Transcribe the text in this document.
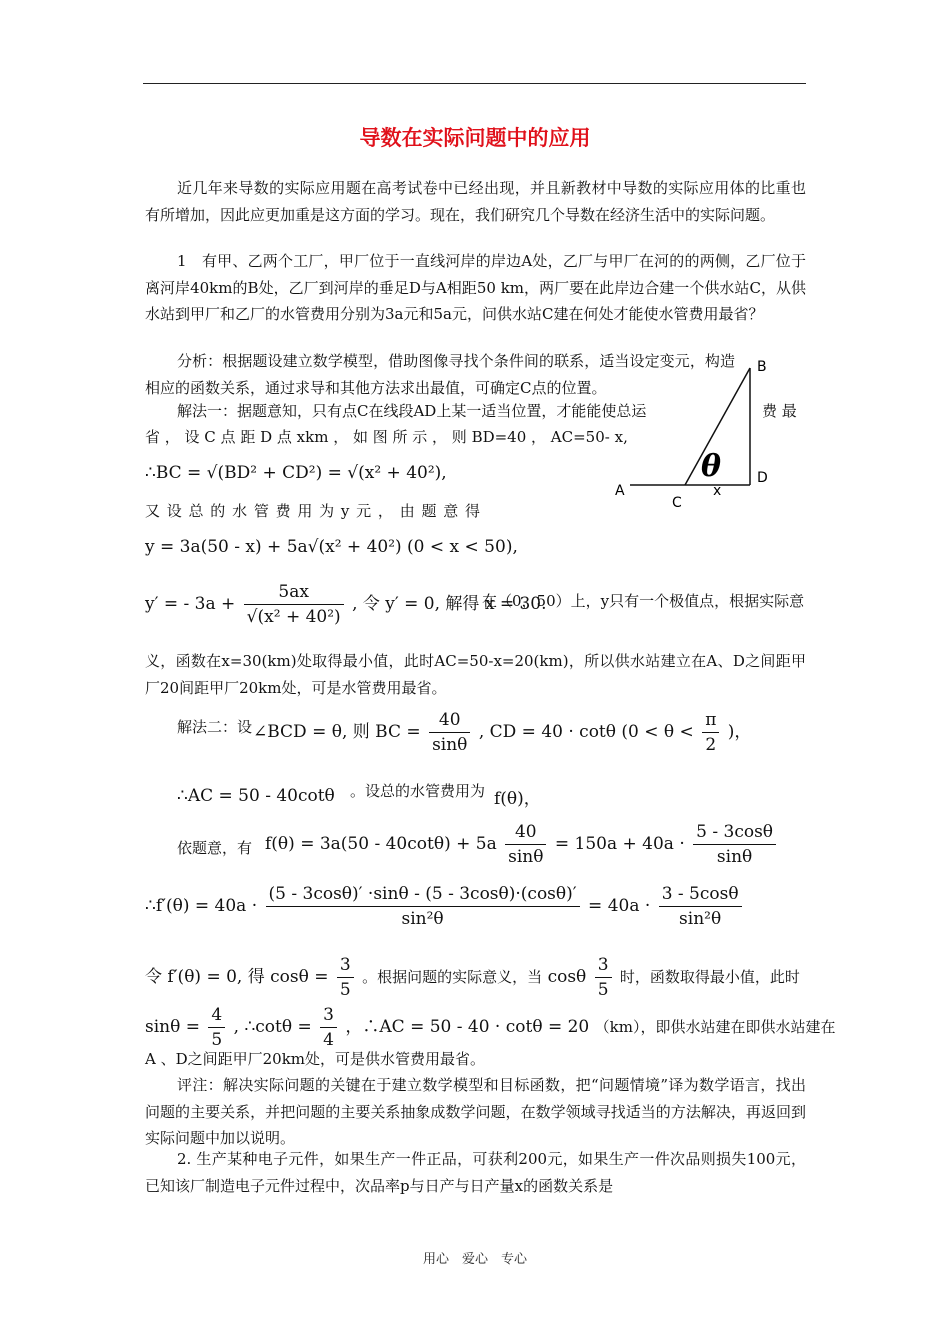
导数在实际问题中的应用
近几年来导数的实际应用题在高考试卷中已经出现，并且新教材中导数的实际应用体的比重也有所增加，因此应更加重是这方面的学习。现在，我们研究几个导数在经济生活中的实际问题。
1　有甲、乙两个工厂，甲厂位于一直线河岸的岸边A处，乙厂与甲厂在河的的两侧，乙厂位于离河岸40km的B处，乙厂到河岸的垂足D与A相距50 km，两厂要在此岸边合建一个供水站C，从供水站到甲厂和乙厂的水管费用分别为3a元和5a元，问供水站C建在何处才能使水管费用最省？
分析：根据题设建立数学模型，借助图像寻找个条件间的联系，适当设定变元，构造相应的函数关系，通过求导和其他方法求出最值，可确定C点的位置。
解法一：据题意知，只有点C在线段AD上某一适当位置，才能能使总运	费 最
省 ， 设 C 点 距 D 点 xkm ， 如 图 所 示 ， 则 BD=40 ， AC=50- x,
∴BC = √(BD² + CD²) = √(x² + 40²),
又 设 总 的 水 管 费 用 为 y 元 ， 由 题 意 得
y = 3a(50 - x) + 5a√(x² + 40²) (0 < x < 50),
y′ = - $3a + \frac{5ax}{\text{√(x² + 40²)}}$ , 令 y′ = 0, 解得 x = 30.
在（0，50）上，y只有一个极值点，根据实际意
义，函数在x=30(km)处取得最小值，此时AC=50-x=20(km)，所以供水站建立在A、D之间距甲厂20间距甲厂20km处，可是水管费用最省。
解法二：设 ∠BCD = θ, 则 BC = $\frac{40}{\sin\theta}$ , CD = 40 · cotθ ($0 < \theta < \frac{\pi}{2}$ )，
∴AC = 50 - 40cotθ 。设总的水管费用为 f(θ)，
依题意，有 $f(\theta) = 3a(50 - 40\cot\theta) + 5a \frac{40}{\sin\theta} = 150a + 40a \cdot \frac{5 - 3\cos\theta}{\sin\theta}$
∴f′(θ) = $40a \cdot \frac{(5 - 3\cos\theta)' \cdot\sin\theta - (5 - 3\cos\theta)\cdot(\cos\theta)'}{\text{sin²θ}} = 40a \cdot \frac{3 - 5\cos\theta}{\text{sin²θ}}$
令 f′(θ) = 0, 得 $\cos\theta = \frac{3}{5}$ 。根据问题的实际意义，当 cosθ $\frac{3}{5}$ 时，函数取得最小值，此时
$\sin\theta = \frac{4}{5}$ , ∴cotθ = $\frac{3}{4}$ ，∴AC = 50 - 40 · cotθ = 20 （km），即供水站建在即供水站建在
A 、D之间距甲厂20km处，可是供水管费用最省。
评注：解决实际问题的关键在于建立数学模型和目标函数，把“问题情境”译为数学语言，找出问题的主要关系，并把问题的主要关系抽象成数学问题，在数学领域寻找适当的方法解决，再返回到实际问题中加以说明。
2. 生产某种电子元件，如果生产一件正品，可获利200元，如果生产一件次品则损失100元，已知该厂制造电子元件过程中，次品率p与日产与日产量x的函数关系是
θ
B
A
D
C
x
用心　爱心　专心
